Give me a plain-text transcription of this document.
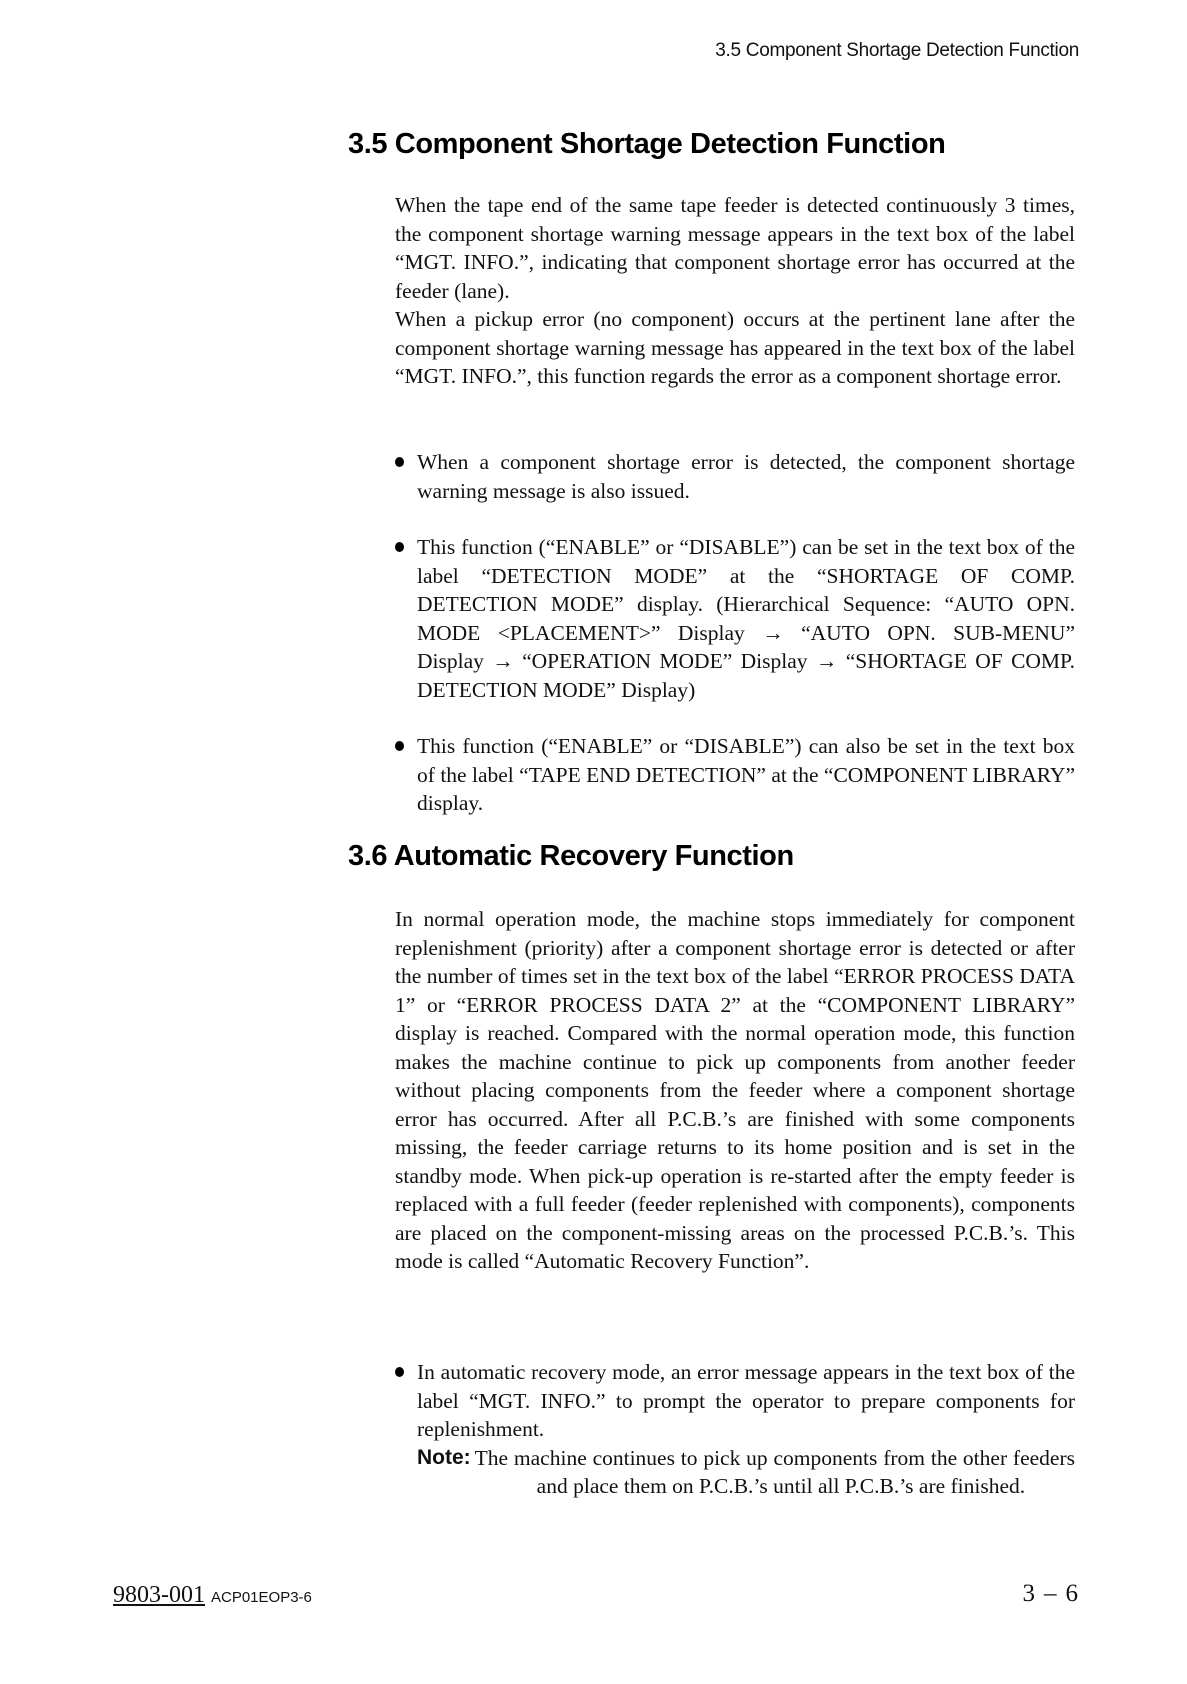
3.5 Component Shortage Detection Function
3.5 Component Shortage Detection Function

When the tape end of the same tape feeder is detected continuously 3 times, the component shortage warning message appears in the text box of the label “MGT. INFO.”, indicating that component shortage error has occurred at the feeder (lane).

When a pickup error (no component) occurs at the pertinent lane after the component shortage warning message has appeared in the text box of the label “MGT. INFO.”, this function regards the error as a component shortage error.

When a component shortage error is detected, the component shortage warning message is also issued.
This function (“ENABLE” or “DISABLE”) can be set in the text box of the label “DETECTION MODE” at the “SHORTAGE OF COMP. DETECTION MODE” display. (Hierarchical Sequence: “AUTO OPN. MODE <PLACEMENT>” Display → “AUTO OPN. SUB-MENU” Display → “OPERATION MODE” Display → “SHORTAGE OF COMP. DETECTION MODE” Display)
This function (“ENABLE” or “DISABLE”) can also be set in the text box of the label “TAPE END DETECTION” at the “COMPONENT LIBRARY” display.
3.6 Automatic Recovery Function

In normal operation mode, the machine stops immediately for component replenishment (priority) after a component shortage error is detected or after the number of times set in the text box of the label “ERROR PROCESS DATA 1” or “ERROR PROCESS DATA 2” at the “COMPONENT LIBRARY” display is reached. Compared with the normal operation mode, this function makes the machine continue to pick up components from another feeder without placing components from the feeder where a component shortage error has occurred. After all P.C.B.’s are finished with some components missing, the feeder carriage returns to its home position and is set in the standby mode. When pick-up operation is re-started after the empty feeder is replaced with a full feeder (feeder replenished with components), components are placed on the component-missing areas on the processed P.C.B.’s. This mode is called “Automatic Recovery Function”.

In automatic recovery mode, an error message appears in the text box of the label “MGT. INFO.” to prompt the operator to prepare components for replenishment.
Note: The machine continues to pick up components from the other feeders and place them on P.C.B.’s until all P.C.B.’s are finished.
9803-001 ACP01EOP3-6	3 – 6
